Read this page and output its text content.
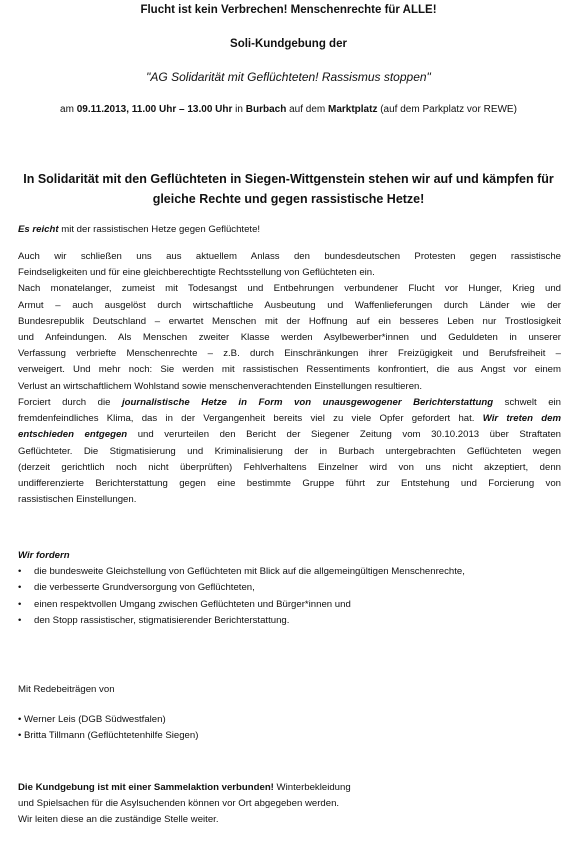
Flucht ist kein Verbrechen! Menschenrechte für ALLE!
Soli-Kundgebung der
"AG Solidarität mit Geflüchteten! Rassismus stoppen"
am 09.11.2013, 11.00 Uhr – 13.00 Uhr in Burbach auf dem Marktplatz (auf dem Parkplatz vor REWE)
In Solidarität mit den Geflüchteten in Siegen-Wittgenstein stehen wir auf und kämpfen für
gleiche Rechte und gegen rassistische Hetze!
Es reicht mit der rassistischen Hetze gegen Geflüchtete!
Auch wir schließen uns aus aktuellem Anlass den bundesdeutschen Protesten gegen rassistische
Feindseligkeiten und für eine gleichberechtigte Rechtsstellung von Geflüchteten ein.
Nach monatelanger, zumeist mit Todesangst und Entbehrungen verbundener Flucht vor Hunger, Krieg und
Armut – auch ausgelöst durch wirtschaftliche Ausbeutung und Waffenlieferungen durch Länder wie der
Bundesrepublik Deutschland – erwartet Menschen mit der Hoffnung auf ein besseres Leben nur Trostlosigkeit
und Anfeindungen. Als Menschen zweiter Klasse werden Asylbewerber*innen und Geduldeten in unserer
Verfassung verbriefte Menschenrechte – z.B. durch Einschränkungen ihrer Freizügigkeit und Berufsfreiheit –
verweigert. Und mehr noch: Sie werden mit rassistischen Ressentiments konfrontiert, die aus Angst vor einem
Verlust an wirtschaftlichem Wohlstand sowie menschenverachtenden Einstellungen resultieren.
Forciert durch die journalistische Hetze in Form von unausgewogener Berichterstattung schwelt ein
fremdenfeindliches Klima, das in der Vergangenheit bereits viel zu viele Opfer gefordert hat. Wir treten dem
entschieden entgegen und verurteilen den Bericht der Siegener Zeitung vom 30.10.2013 über Straftaten
Geflüchteter. Die Stigmatisierung und Kriminalisierung der in Burbach untergebrachten Geflüchteten wegen
(derzeit gerichtlich noch nicht überprüften) Fehlverhaltens Einzelner wird von uns nicht akzeptiert, denn
undifferenzierte Berichterstattung gegen eine bestimmte Gruppe führt zur Entstehung und Forcierung von
rassistischen Einstellungen.
Wir fordern
• die bundesweite Gleichstellung von Geflüchteten mit Blick auf die allgemeingültigen Menschenrechte,
• die verbesserte Grundversorgung von Geflüchteten,
• einen respektvollen Umgang zwischen Geflüchteten und Bürger*innen und
• den Stopp rassistischer, stigmatisierender Berichterstattung.
Mit Redebeiträgen von
• Werner Leis (DGB Südwestfalen)
• Britta Tillmann (Geflüchtetenhilfe Siegen)
Die Kundgebung ist mit einer Sammelaktion verbunden! Winterbekleidung
und Spielsachen für die Asylsuchenden können vor Ort abgegeben werden.
Wir leiten diese an die zuständige Stelle weiter.
